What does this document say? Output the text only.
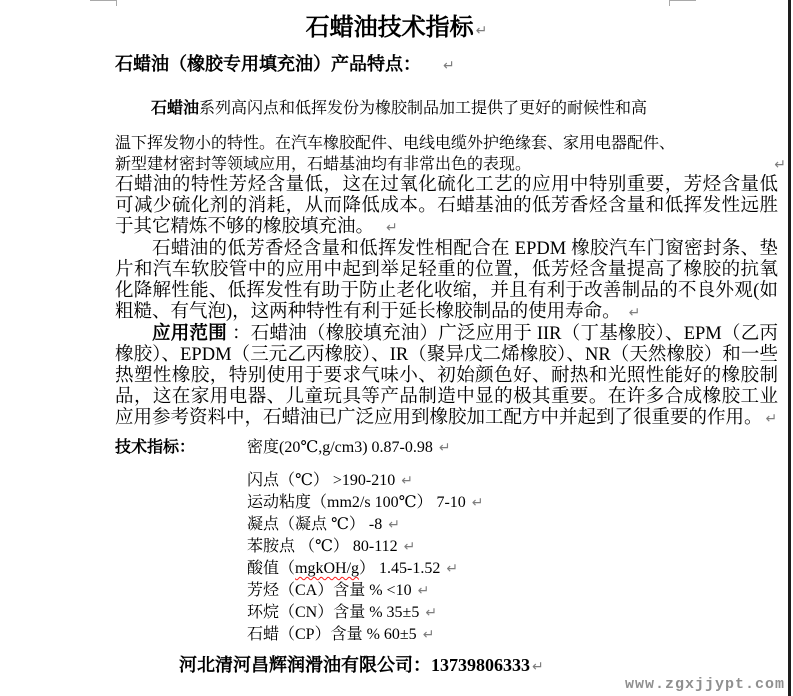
石蜡油技术指标 ↵
石蜡油（橡胶专用填充油）产品特点： ↵
石蜡油系列高闪点和低挥发份为橡胶制品加工提供了更好的耐候性和高
温下挥发物小的特性。在汽车橡胶配件、电线电缆外护绝缘套、家用电器配件、
新型建材密封等领域应用，石蜡基油均有非常出色的表现。	↵
石蜡油的特性芳烃含量低，这在过氧化硫化工艺的应用中特别重要，芳烃含量低可减少硫化剂的消耗，从而降低成本。石蜡基油的低芳香烃含量和低挥发性远胜于其它精炼不够的橡胶填充油。 ↵
石蜡油的低芳香烃含量和低挥发性相配合在 EPDM 橡胶汽车门窗密封条、垫片和汽车软胶管中的应用中起到举足轻重的位置，低芳烃含量提高了橡胶的抗氧化降解性能、低挥发性有助于防止老化收缩，并且有利于改善制品的不良外观(如粗糙、有气泡)，这两种特性有利于延长橡胶制品的使用寿命。 ↵
应用范围 ：石蜡油（橡胶填充油）广泛应用于 IIR（丁基橡胶）、EPM（乙丙橡胶）、EPDM（三元乙丙橡胶）、IR（聚异戊二烯橡胶）、NR（天然橡胶）和一些热塑性橡胶，特别使用于要求气味小、初始颜色好、耐热和光照性能好的橡胶制品，这在家用电器、儿童玩具等产品制造中显的极其重要。在许多合成橡胶工业应用参考资料中，石蜡油已广泛应用到橡胶加工配方中并起到了很重要的作用。 ↵
技术指标：	密度(20℃,g/cm3) 0.87-0.98 ↵
闪点（℃） >190-210 ↵
运动粘度（mm2/s 100℃） 7-10 ↵
凝点（凝点 ℃） -8 ↵
苯胺点 （℃） 80-112 ↵
酸值（mgkOH/g） 1.45-1.52 ↵
芳烃（CA）含量 % <10 ↵
环烷（CN）含量 % 35±5 ↵
石蜡（CP）含量 % 60±5 ↵
河北清河昌辉润滑油有限公司：13739806333 ↵
www.zgxjjypt.com
